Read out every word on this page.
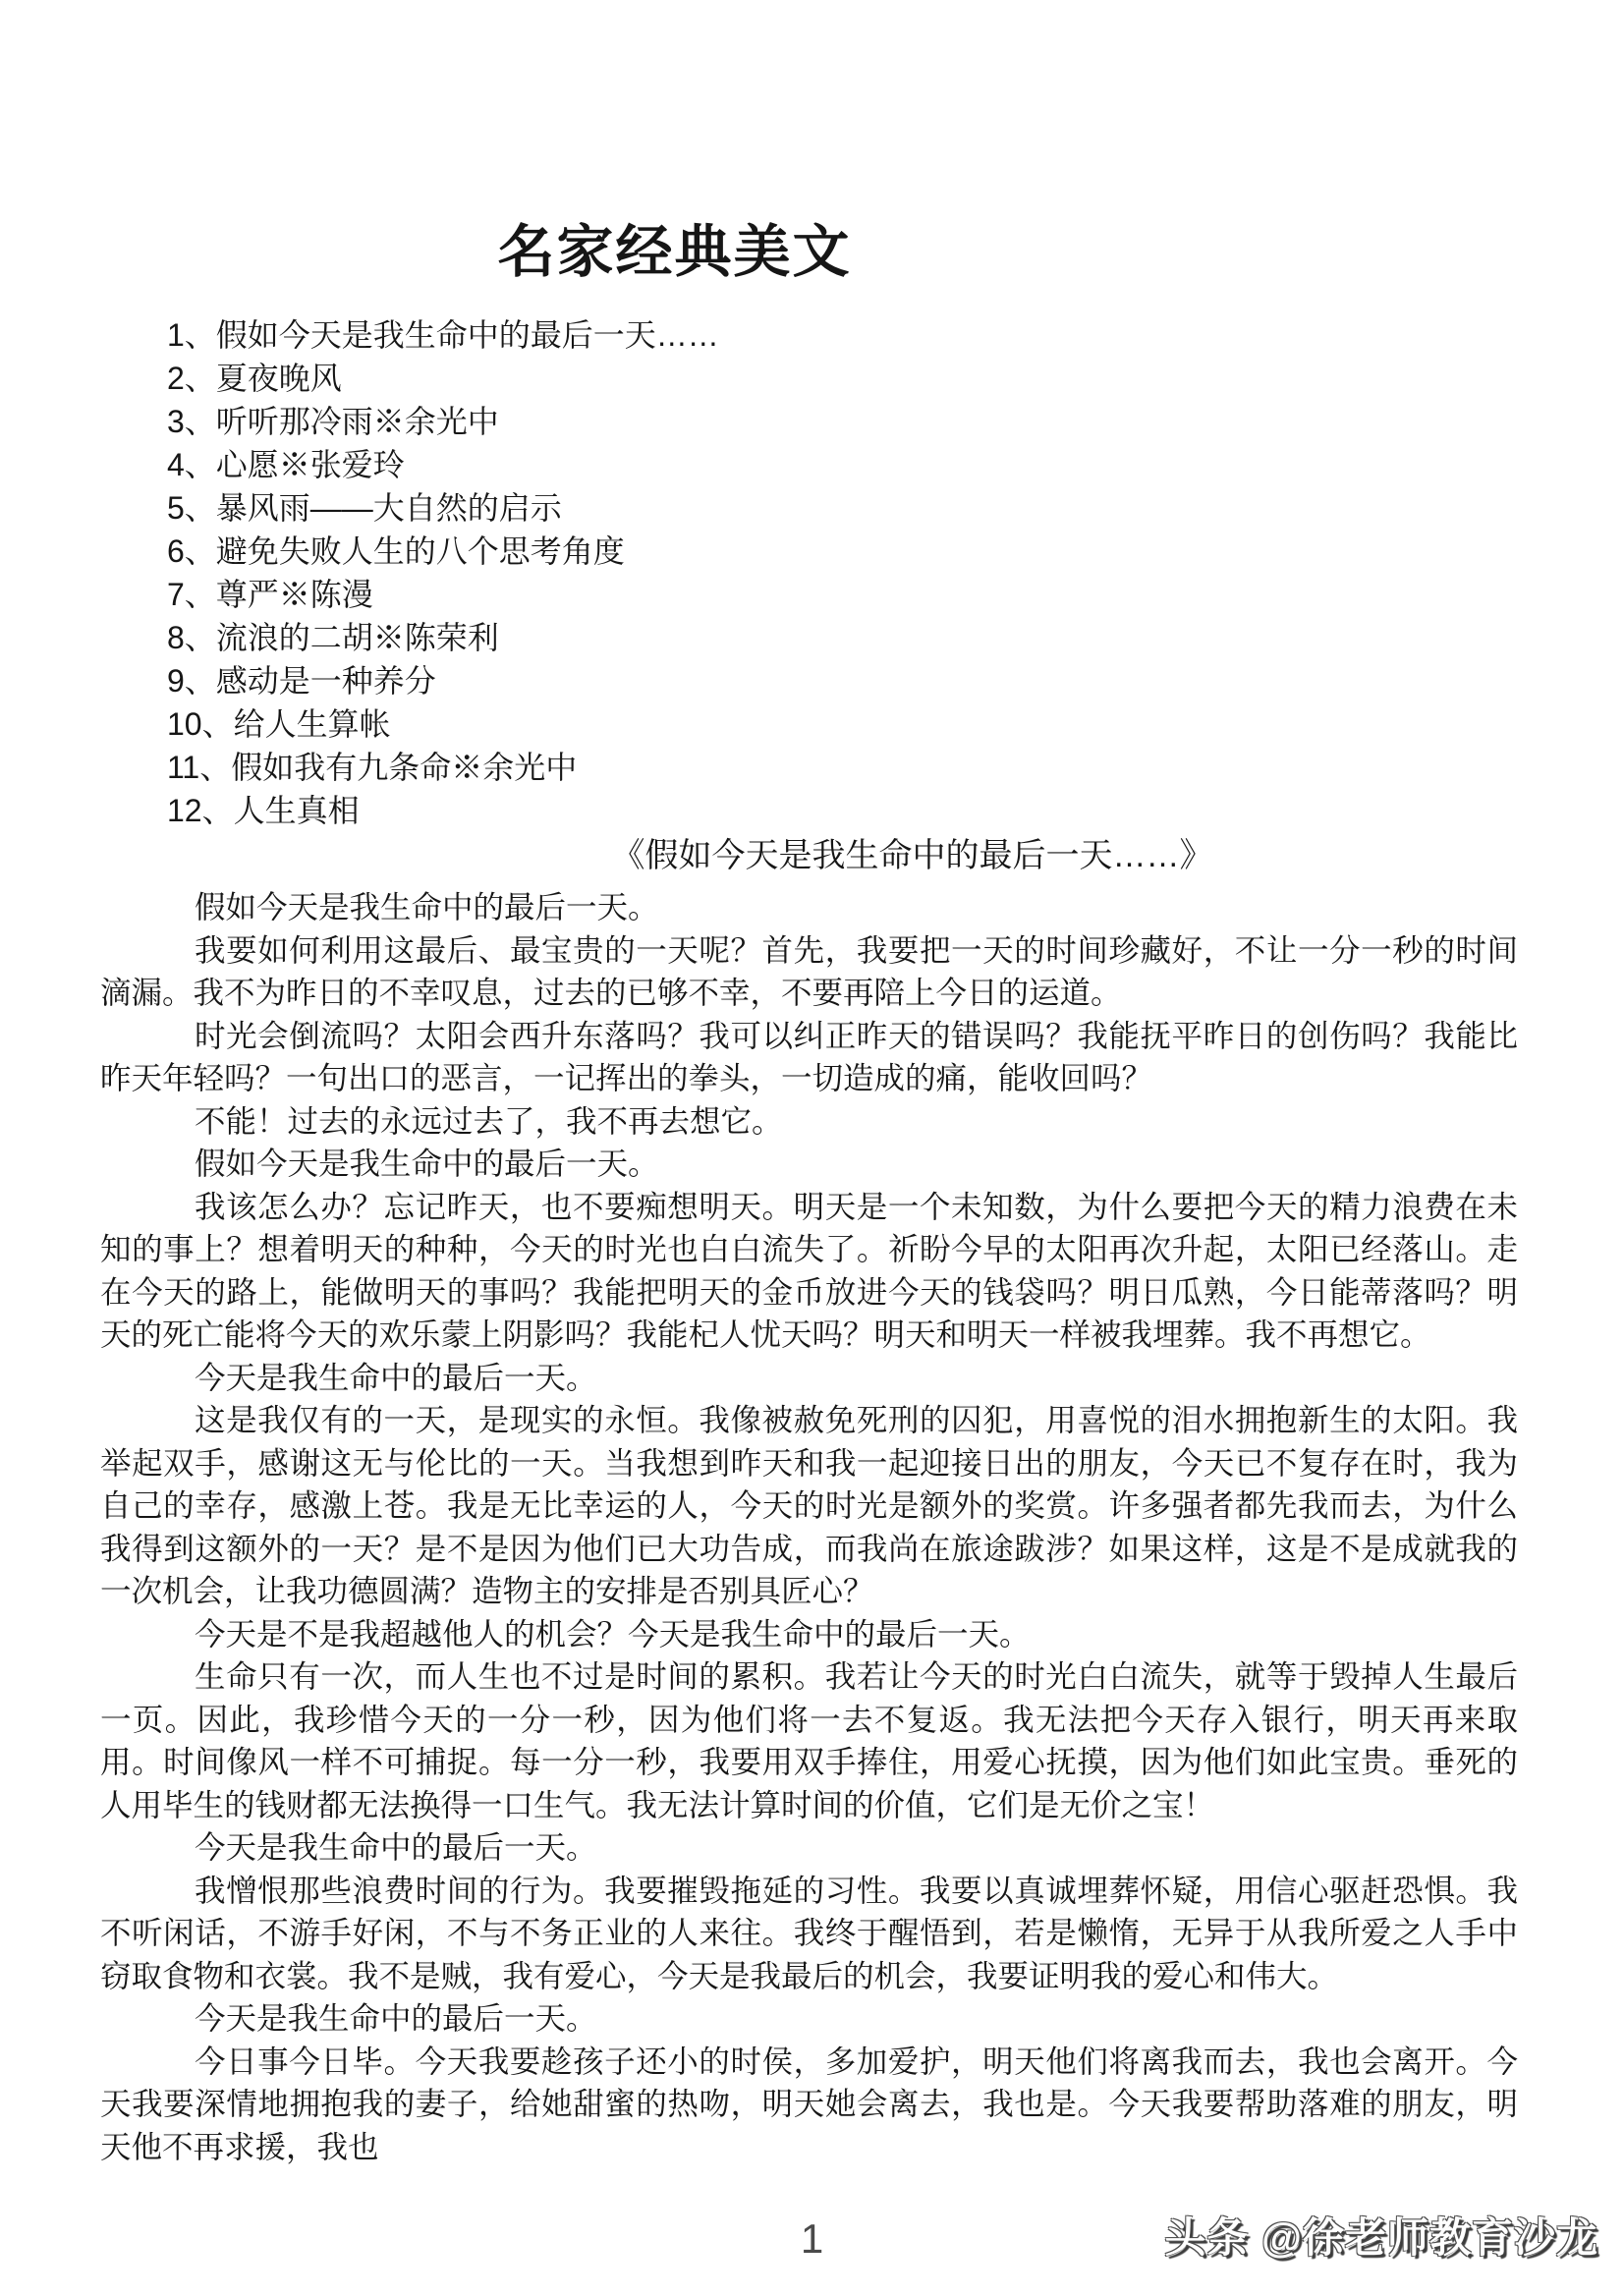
名家经典美文
1、假如今天是我生命中的最后一天……
2、夏夜晚风
3、听听那冷雨※余光中
4、心愿※张爱玲
5、暴风雨——大自然的启示
6、避免失败人生的八个思考角度
7、尊严※陈漫
8、流浪的二胡※陈荣利
9、感动是一种养分
10、给人生算帐
11、假如我有九条命※余光中
12、人生真相
《假如今天是我生命中的最后一天……》

假如今天是我生命中的最后一天。

我要如何利用这最后、最宝贵的一天呢？首先，我要把一天的时间珍藏好，不让一分一秒的时间滴漏。我不为昨日的不幸叹息，过去的已够不幸，不要再陪上今日的运道。

时光会倒流吗？太阳会西升东落吗？我可以纠正昨天的错误吗？我能抚平昨日的创伤吗？我能比昨天年轻吗？一句出口的恶言，一记挥出的拳头，一切造成的痛，能收回吗？

不能！过去的永远过去了，我不再去想它。

假如今天是我生命中的最后一天。

我该怎么办？忘记昨天，也不要痴想明天。明天是一个未知数，为什么要把今天的精力浪费在未知的事上？想着明天的种种，今天的时光也白白流失了。祈盼今早的太阳再次升起，太阳已经落山。走在今天的路上，能做明天的事吗？我能把明天的金币放进今天的钱袋吗？明日瓜熟，今日能蒂落吗？明天的死亡能将今天的欢乐蒙上阴影吗？我能杞人忧天吗？明天和明天一样被我埋葬。我不再想它。

今天是我生命中的最后一天。

这是我仅有的一天，是现实的永恒。我像被赦免死刑的囚犯，用喜悦的泪水拥抱新生的太阳。我举起双手，感谢这无与伦比的一天。当我想到昨天和我一起迎接日出的朋友，今天已不复存在时，我为自己的幸存，感激上苍。我是无比幸运的人，今天的时光是额外的奖赏。许多强者都先我而去，为什么我得到这额外的一天？是不是因为他们已大功告成，而我尚在旅途跋涉？如果这样，这是不是成就我的一次机会，让我功德圆满？造物主的安排是否别具匠心？

今天是不是我超越他人的机会？今天是我生命中的最后一天。

生命只有一次，而人生也不过是时间的累积。我若让今天的时光白白流失，就等于毁掉人生最后一页。因此，我珍惜今天的一分一秒，因为他们将一去不复返。我无法把今天存入银行，明天再来取用。时间像风一样不可捕捉。每一分一秒，我要用双手捧住，用爱心抚摸，因为他们如此宝贵。垂死的人用毕生的钱财都无法换得一口生气。我无法计算时间的价值，它们是无价之宝！

今天是我生命中的最后一天。

我憎恨那些浪费时间的行为。我要摧毁拖延的习性。我要以真诚埋葬怀疑，用信心驱赶恐惧。我不听闲话，不游手好闲，不与不务正业的人来往。我终于醒悟到，若是懒惰，无异于从我所爱之人手中窃取食物和衣裳。我不是贼，我有爱心，今天是我最后的机会，我要证明我的爱心和伟大。

今天是我生命中的最后一天。

今日事今日毕。今天我要趁孩子还小的时侯，多加爱护，明天他们将离我而去，我也会离开。今天我要深情地拥抱我的妻子，给她甜蜜的热吻，明天她会离去，我也是。今天我要帮助落难的朋友，明天他不再求援，我也

1	头条 @徐老师教育沙龙
